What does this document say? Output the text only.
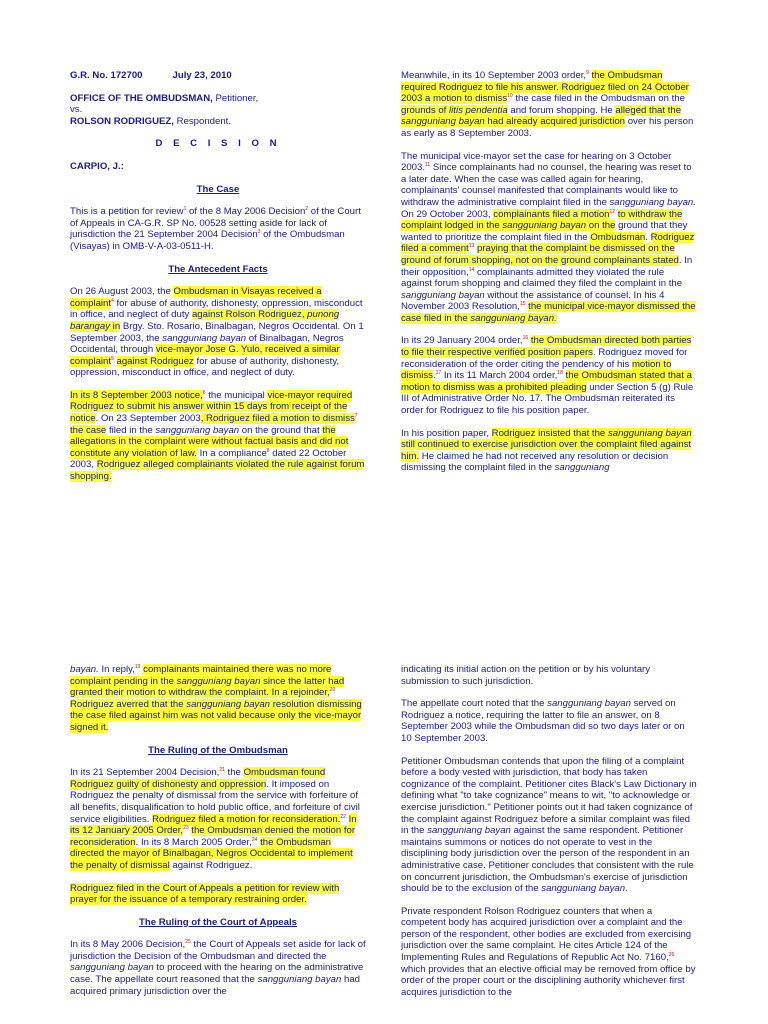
G.R. No. 172700	July 23, 2010
OFFICE OF THE OMBUDSMAN, Petitioner,
vs.
ROLSON RODRIGUEZ, Respondent.
D E C I S I O N
CARPIO, J.:
The Case

This is a petition for review$^1$ of the 8 May 2006 Decision$^2$ of the Court of Appeals in CA-G.R. SP No. 00528 setting aside for lack of jurisdiction the 21 September 2004 Decision$^3$ of the Ombudsman (Visayas) in OMB-V-A-03-0511-H.

The Antecedent Facts

On 26 August 2003, the Ombudsman in Visayas received a complaint$^4$ for abuse of authority, dishonesty, oppression, misconduct in office, and neglect of duty against Rolson Rodriguez, punong barangay in Brgy. Sto. Rosario, Binalbagan, Negros Occidental. On 1 September 2003, the sangguniang bayan of Binalbagan, Negros Occidental, through vice-mayor Jose G. Yulo, received a similar complaint$^5$ against Rodriguez for abuse of authority, dishonesty, oppression, misconduct in office, and neglect of duty.

In its 8 September 2003 notice,$^6$ the municipal vice-mayor required Rodriguez to submit his answer within 15 days from receipt of the notice. On 23 September 2003, Rodriguez filed a motion to dismiss$^7$ the case filed in the sangguniang bayan on the ground that the allegations in the complaint were without factual basis and did not constitute any violation of law. In a compliance$^8$ dated 22 October 2003, Rodriguez alleged complainants violated the rule against forum shopping.

Meanwhile, in its 10 September 2003 order,$^9$ the Ombudsman required Rodriguez to file his answer. Rodriguez filed on 24 October 2003 a motion to dismiss$^{10}$ the case filed in the Ombudsman on the grounds of litis pendentia and forum shopping. He alleged that the sangguniang bayan had already acquired jurisdiction over his person as early as 8 September 2003.

The municipal vice-mayor set the case for hearing on 3 October 2003.11 Since complainants had no counsel, the hearing was reset to a later date. When the case was called again for hearing, complainants' counsel manifested that complainants would like to withdraw the administrative complaint filed in the sangguniang bayan. On 29 October 2003, complainants filed a motion$^{12}$ to withdraw the complaint lodged in the sangguniang bayan on the ground that they wanted to prioritize the complaint filed in the Ombudsman. Rodriguez filed a comment$^{13}$ praying that the complaint be dismissed on the ground of forum shopping, not on the ground complainants stated. In their opposition,$^{14}$ complainants admitted they violated the rule against forum shopping and claimed they filed the complaint in the sangguniang bayan without the assistance of counsel. In his 4 November 2003 Resolution,$^{15}$ the municipal vice-mayor dismissed the case filed in the sangguniang bayan.

In its 29 January 2004 order,$^{16}$ the Ombudsman directed both parties to file their respective verified position papers. Rodriguez moved for reconsideration of the order citing the pendency of his motion to dismiss.$^{17}$ In its 11 March 2004 order,$^{18}$ the Ombudsman stated that a motion to dismiss was a prohibited pleading under Section 5 (g) Rule III of Administrative Order No. 17. The Ombudsman reiterated its order for Rodriguez to file his position paper.

In his position paper, Rodriguez insisted that the sangguniang bayan still continued to exercise jurisdiction over the complaint filed against him. He claimed he had not received any resolution or decision dismissing the complaint filed in the sangguniang

bayan. In reply,$^{19}$ complainants maintained there was no more complaint pending in the sangguniang bayan since the latter had granted their motion to withdraw the complaint. In a rejoinder,$^{20}$ Rodriguez averred that the sangguniang bayan resolution dismissing the case filed against him was not valid because only the vice-mayor signed it.

The Ruling of the Ombudsman

In its 21 September 2004 Decision,$^{21}$ the Ombudsman found Rodriguez guilty of dishonesty and oppression. It imposed on Rodriguez the penalty of dismissal from the service with forfeiture of all benefits, disqualification to hold public office, and forfeiture of civil service eligibilities. Rodriguez filed a motion for reconsideration.$^{22}$ In its 12 January 2005 Order,$^{23}$ the Ombudsman denied the motion for reconsideration. In its 8 March 2005 Order,$^{24}$ the Ombudsman directed the mayor of Binalbagan, Negros Occidental to implement the penalty of dismissal against Rodriguez.

Rodriguez filed in the Court of Appeals a petition for review with prayer for the issuance of a temporary restraining order.

The Ruling of the Court of Appeals

In its 8 May 2006 Decision,$^{25}$ the Court of Appeals set aside for lack of jurisdiction the Decision of the Ombudsman and directed the sangguniang bayan to proceed with the hearing on the administrative case. The appellate court reasoned that the sangguniang bayan had acquired primary jurisdiction over the

indicating its initial action on the petition or by his voluntary submission to such jurisdiction.

The appellate court noted that the sangguniang bayan served on Rodriguez a notice, requiring the latter to file an answer, on 8 September 2003 while the Ombudsman did so two days later or on 10 September 2003.

Petitioner Ombudsman contends that upon the filing of a complaint before a body vested with jurisdiction, that body has taken cognizance of the complaint. Petitioner cites Black's Law Dictionary in defining what "to take cognizance" means to wit, "to acknowledge or exercise jurisdiction." Petitioner points out it had taken cognizance of the complaint against Rodriguez before a similar complaint was filed in the sangguniang bayan against the same respondent. Petitioner maintains summons or notices do not operate to vest in the disciplining body jurisdiction over the person of the respondent in an administrative case. Petitioner concludes that consistent with the rule on concurrent jurisdiction, the Ombudsman's exercise of jurisdiction should be to the exclusion of the sangguniang bayan.

Private respondent Rolson Rodriguez counters that when a competent body has acquired jurisdiction over a complaint and the person of the respondent, other bodies are excluded from exercising jurisdiction over the same complaint. He cites Article 124 of the Implementing Rules and Regulations of Republic Act No. 7160,26 which provides that an elective official may be removed from office by order of the proper court or the disciplining authority whichever first acquires jurisdiction to the
